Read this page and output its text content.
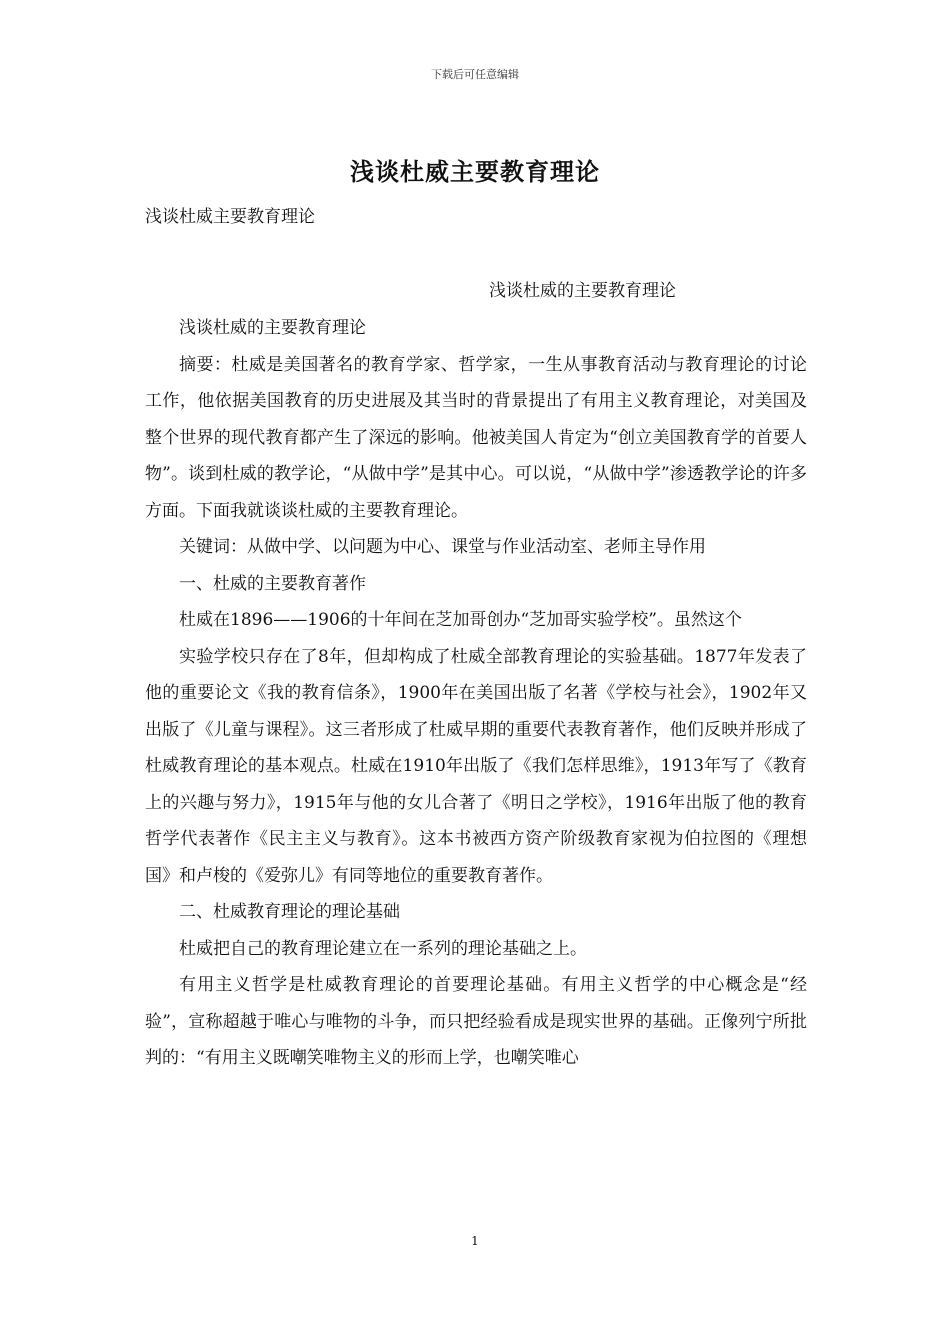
下载后可任意编辑
浅谈杜威主要教育理论
浅谈杜威主要教育理论
浅谈杜威的主要教育理论

浅谈杜威的主要教育理论

摘要：杜威是美国著名的教育学家、哲学家，一生从事教育活动与教育理论的讨论工作，他依据美国教育的历史进展及其当时的背景提出了有用主义教育理论，对美国及整个世界的现代教育都产生了深远的影响。他被美国人肯定为“创立美国教育学的首要人物”。谈到杜威的教学论，“从做中学”是其中心。可以说，“从做中学”渗透教学论的许多方面。下面我就谈谈杜威的主要教育理论。

关键词：从做中学、以问题为中心、课堂与作业活动室、老师主导作用

一、杜威的主要教育著作

杜威在1896——1906的十年间在芝加哥创办“芝加哥实验学校”。虽然这个

实验学校只存在了8年，但却构成了杜威全部教育理论的实验基础。1877年发表了他的重要论文《我的教育信条》，1900年在美国出版了名著《学校与社会》，1902年又出版了《儿童与课程》。这三者形成了杜威早期的重要代表教育著作，他们反映并形成了杜威教育理论的基本观点。杜威在1910年出版了《我们怎样思维》，1913年写了《教育上的兴趣与努力》，1915年与他的女儿合著了《明日之学校》，1916年出版了他的教育哲学代表著作《民主主义与教育》。这本书被西方资产阶级教育家视为伯拉图的《理想国》和卢梭的《爱弥儿》有同等地位的重要教育著作。

二、杜威教育理论的理论基础

杜威把自己的教育理论建立在一系列的理论基础之上。

有用主义哲学是杜威教育理论的首要理论基础。有用主义哲学的中心概念是“经验”，宣称超越于唯心与唯物的斗争，而只把经验看成是现实世界的基础。正像列宁所批判的：“有用主义既嘲笑唯物主义的形而上学，也嘲笑唯心

1
